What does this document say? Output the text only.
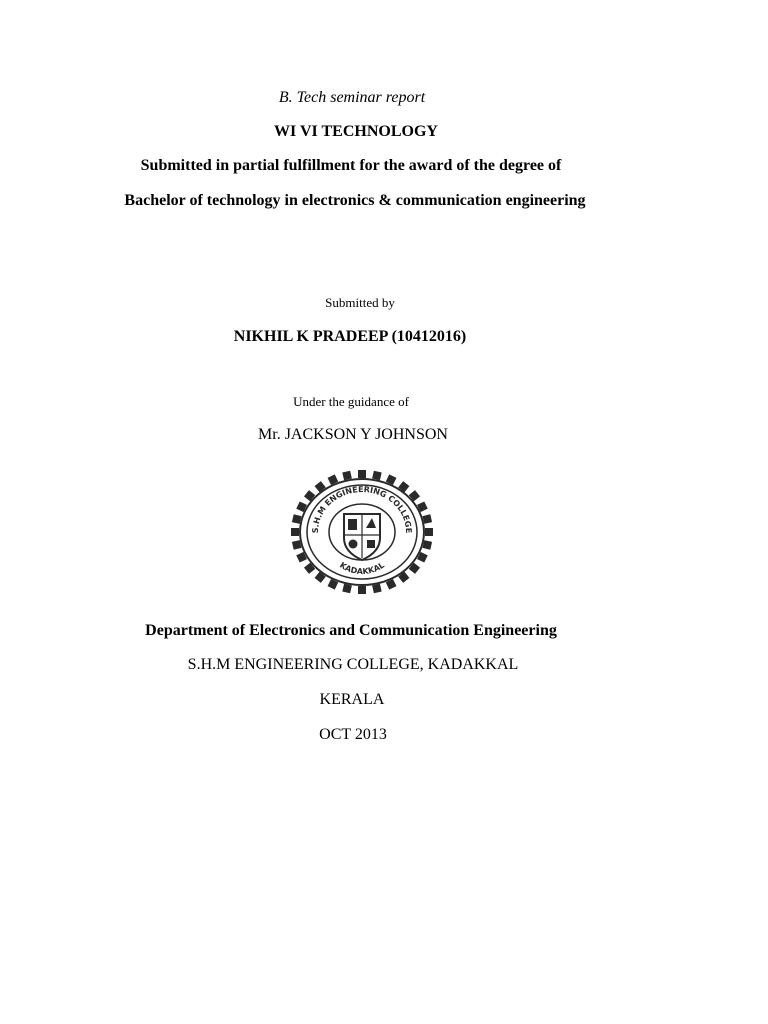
B. Tech seminar report
WI VI TECHNOLOGY
Submitted in partial fulfillment for the award of the degree of
Bachelor of technology in electronics & communication engineering
Submitted by
NIKHIL K PRADEEP (10412016)
Under the guidance of
Mr. JACKSON Y JOHNSON
S.H.M ENGINEERING COLLEGE
KADAKKAL
Department of Electronics and Communication Engineering
S.H.M ENGINEERING COLLEGE, KADAKKAL
KERALA
OCT 2013
